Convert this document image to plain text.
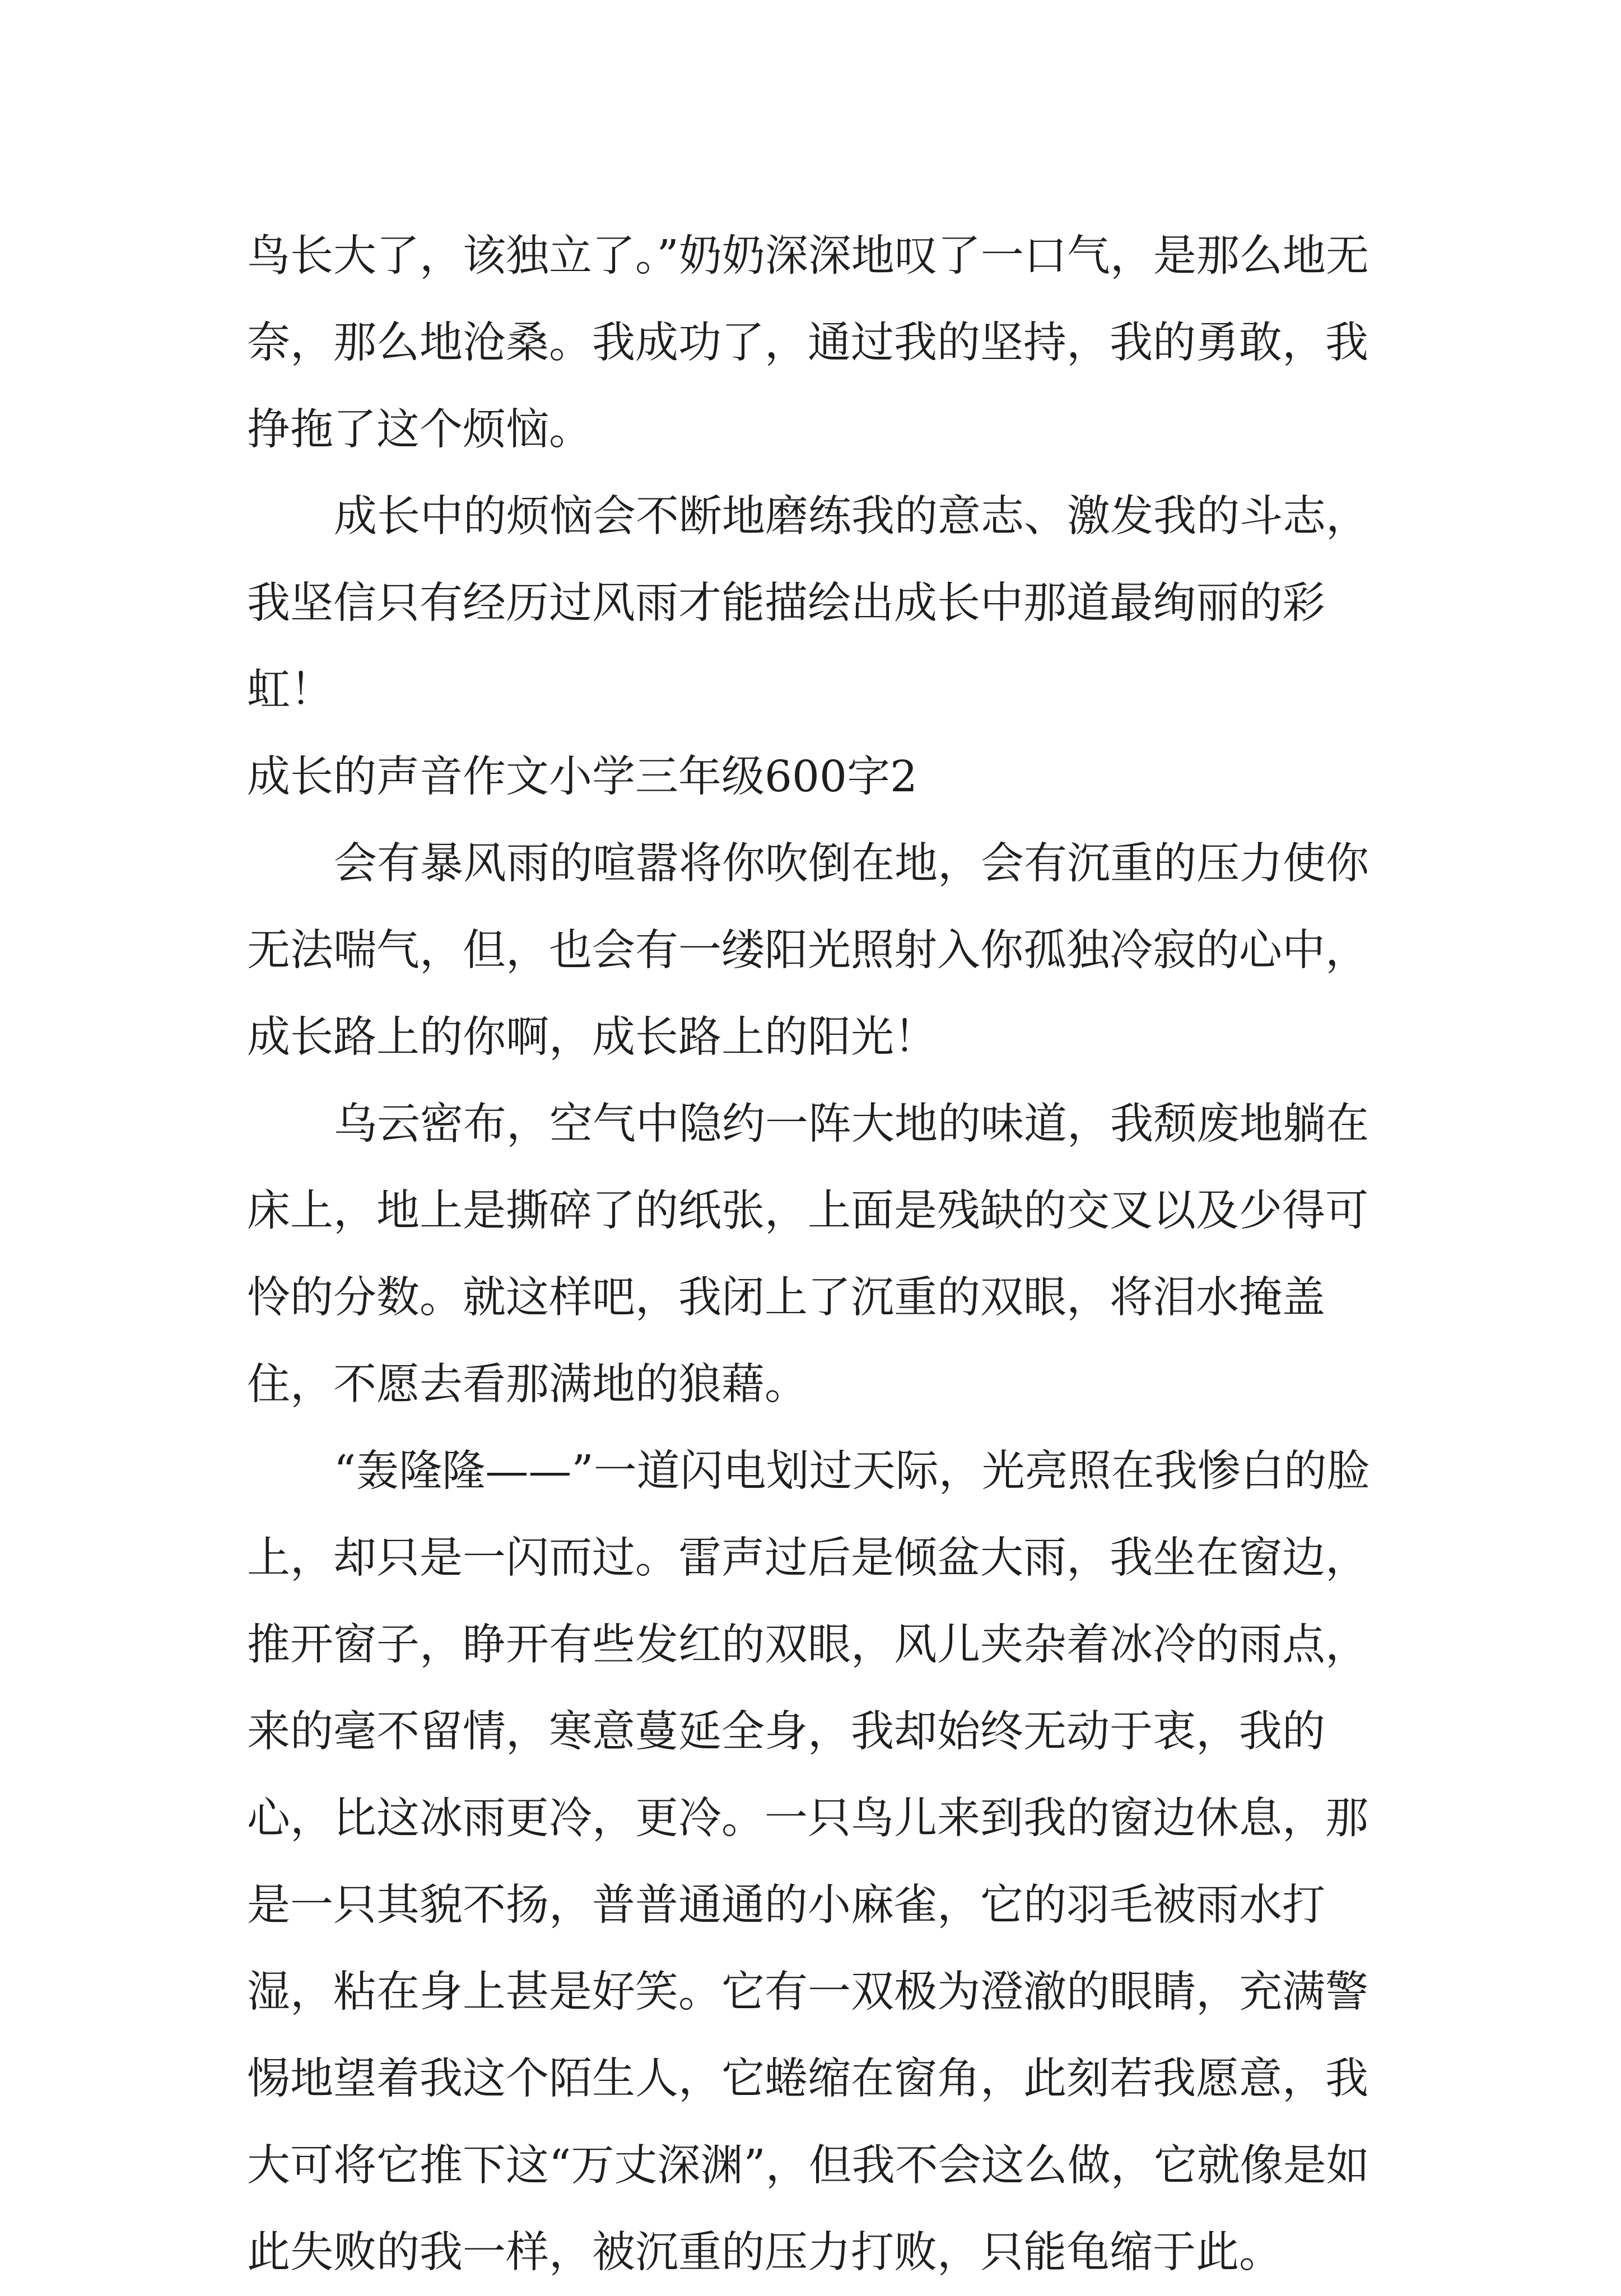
鸟长大了，该独立了。”奶奶深深地叹了一口气，是那么地无奈，那么地沧桑。我成功了，通过我的坚持，我的勇敢，我挣拖了这个烦恼。

成长中的烦恼会不断地磨练我的意志、激发我的斗志，我坚信只有经历过风雨才能描绘出成长中那道最绚丽的彩虹！

成长的声音作文小学三年级600字2

会有暴风雨的喧嚣将你吹倒在地，会有沉重的压力使你无法喘气，但，也会有一缕阳光照射入你孤独冷寂的心中，成长路上的你啊，成长路上的阳光！

乌云密布，空气中隐约一阵大地的味道，我颓废地躺在床上，地上是撕碎了的纸张，上面是残缺的交叉以及少得可怜的分数。就这样吧，我闭上了沉重的双眼，将泪水掩盖住，不愿去看那满地的狼藉。

“轰隆隆——”一道闪电划过天际，光亮照在我惨白的脸上，却只是一闪而过。雷声过后是倾盆大雨，我坐在窗边，推开窗子，睁开有些发红的双眼，风儿夹杂着冰冷的雨点，来的毫不留情，寒意蔓延全身，我却始终无动于衷，我的心，比这冰雨更冷，更冷。一只鸟儿来到我的窗边休息，那是一只其貌不扬，普普通通的小麻雀，它的羽毛被雨水打湿，粘在身上甚是好笑。它有一双极为澄澈的眼睛，充满警惕地望着我这个陌生人，它蜷缩在窗角，此刻若我愿意，我大可将它推下这“万丈深渊”，但我不会这么做，它就像是如此失败的我一样，被沉重的压力打败，只能龟缩于此。
